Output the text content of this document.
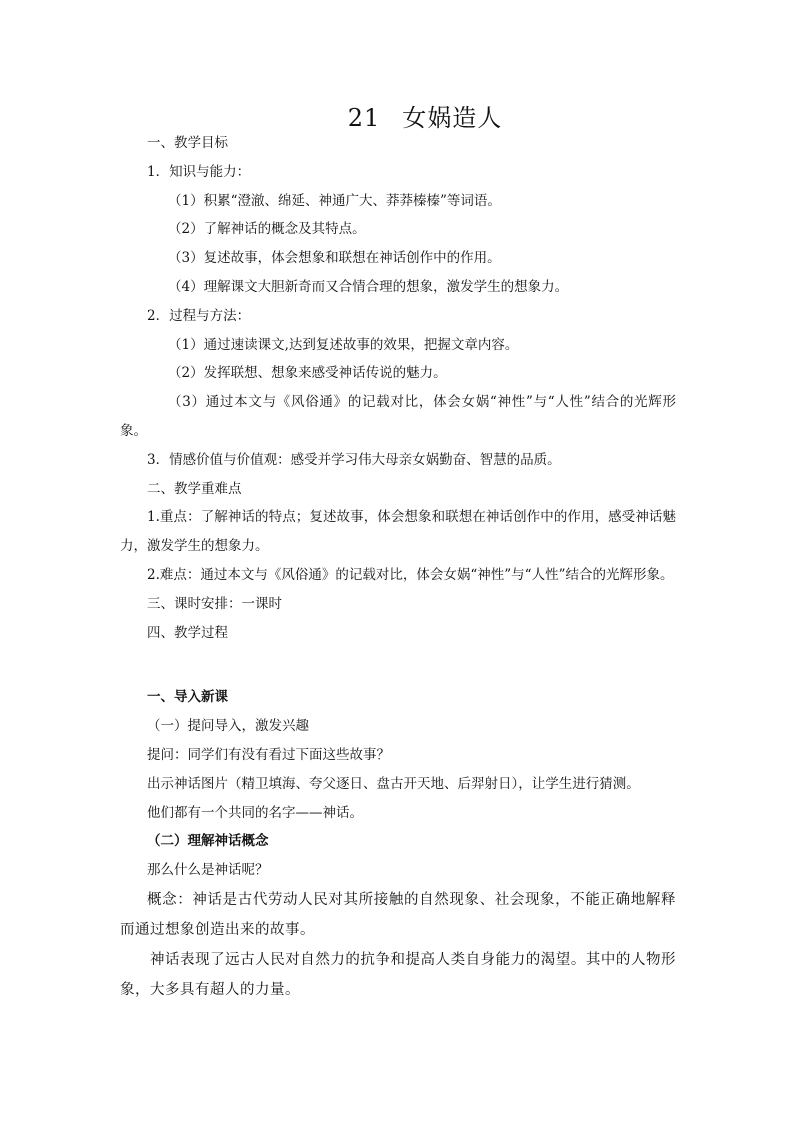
21 女娲造人
一、教学目标
1．知识与能力：
（1）积累“澄澈、绵延、神通广大、莽莽榛榛”等词语。
（2）了解神话的概念及其特点。
（3）复述故事，体会想象和联想在神话创作中的作用。
（4）理解课文大胆新奇而又合情合理的想象，激发学生的想象力。
2．过程与方法：
（1）通过速读课文,达到复述故事的效果，把握文章内容。
（2）发挥联想、想象来感受神话传说的魅力。
（3）通过本文与《风俗通》的记载对比，体会女娲“神性”与“人性”结合的光辉形象。
3．情感价值与价值观：感受并学习伟大母亲女娲勤奋、智慧的品质。
二、教学重难点
1.重点：了解神话的特点；复述故事，体会想象和联想在神话创作中的作用，感受神话魅力，激发学生的想象力。
2.难点：通过本文与《风俗通》的记载对比，体会女娲“神性”与“人性”结合的光辉形象。
三、课时安排：一课时
四、教学过程
一、导入新课
（一）提问导入，激发兴趣
提问：同学们有没有看过下面这些故事？
出示神话图片（精卫填海、夸父逐日、盘古开天地、后羿射日），让学生进行猜测。
他们都有一个共同的名字——神话。
（二）理解神话概念
那么什么是神话呢？
概念：神话是古代劳动人民对其所接触的自然现象、社会现象，不能正确地解释而通过想象创造出来的故事。
神话表现了远古人民对自然力的抗争和提高人类自身能力的渴望。其中的人物形象，大多具有超人的力量。
